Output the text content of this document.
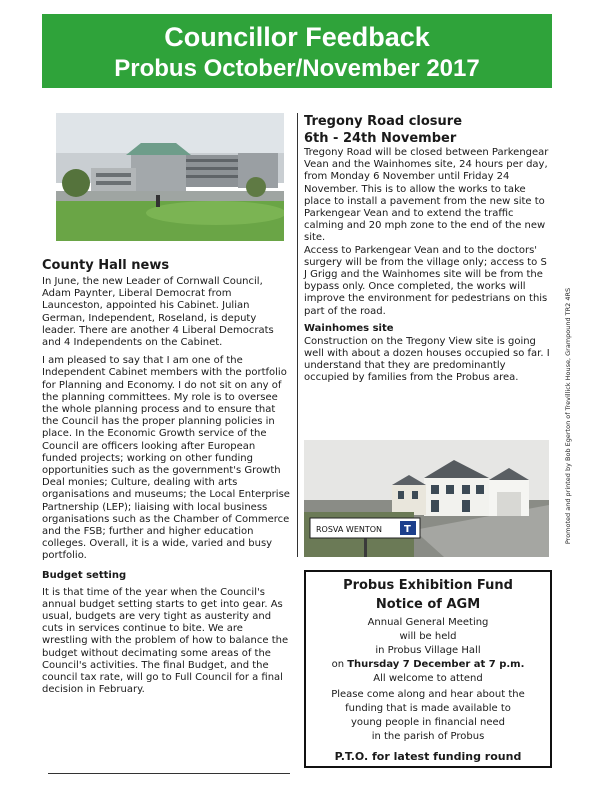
Councillor Feedback
Probus October/November 2017
County Hall news

In June, the new Leader of Cornwall Council, Adam Paynter, Liberal Democrat from Launceston, appointed his Cabinet. Julian German, Independent, Roseland, is deputy leader. There are another 4 Liberal Democrats and 4 Independents on the Cabinet.

I am pleased to say that I am one of the Independent Cabinet members with the portfolio for Planning and Economy. I do not sit on any of the planning committees. My role is to oversee the whole planning process and to ensure that the Council has the proper planning policies in place. In the Economic Growth service of the Council are officers looking after European funded projects; working on other funding opportunities such as the government's Growth Deal monies; Culture, dealing with arts organisations and museums; the Local Enterprise Partnership (LEP); liaising with local business organisations such as the Chamber of Commerce and the FSB; further and higher education colleges. Overall, it is a wide, varied and busy portfolio.

Budget setting

It is that time of the year when the Council's annual budget setting starts to get into gear. As usual, budgets are very tight as austerity and cuts in services continue to bite. We are wrestling with the problem of how to balance the budget without decimating some areas of the Council's activities. The final Budget, and the council tax rate, will go to Full Council for a final decision in February.

Tregony Road closure
6th - 24th November

Tregony Road will be closed between Parkengear Vean and the Wainhomes site, 24 hours per day, from Monday 6 November until Friday 24 November. This is to allow the works to take place to install a pavement from the new site to Parkengear Vean and to extend the traffic calming and 20 mph zone to the end of the new site.

Access to Parkengear Vean and to the doctors' surgery will be from the village only; access to S J Grigg and the Wainhomes site will be from the bypass only. Once completed, the works will improve the environment for pedestrians on this part of the road.

Wainhomes site

Construction on the Tregony View site is going well with about a dozen houses occupied so far. I understand that they are predominantly occupied by families from the Probus area.

ROSVA WENTON T	Promoted and printed by Bob Egerton of Trevillick House, Grampound TR2 4RS
Probus Exhibition Fund
Notice of AGM

Annual General Meeting

will be held

in Probus Village Hall

on Thursday 7 December at 7 p.m.

All welcome to attend

Please come along and hear about the

funding that is made available to

young people in financial need

in the parish of Probus

P.T.O. for latest funding round
